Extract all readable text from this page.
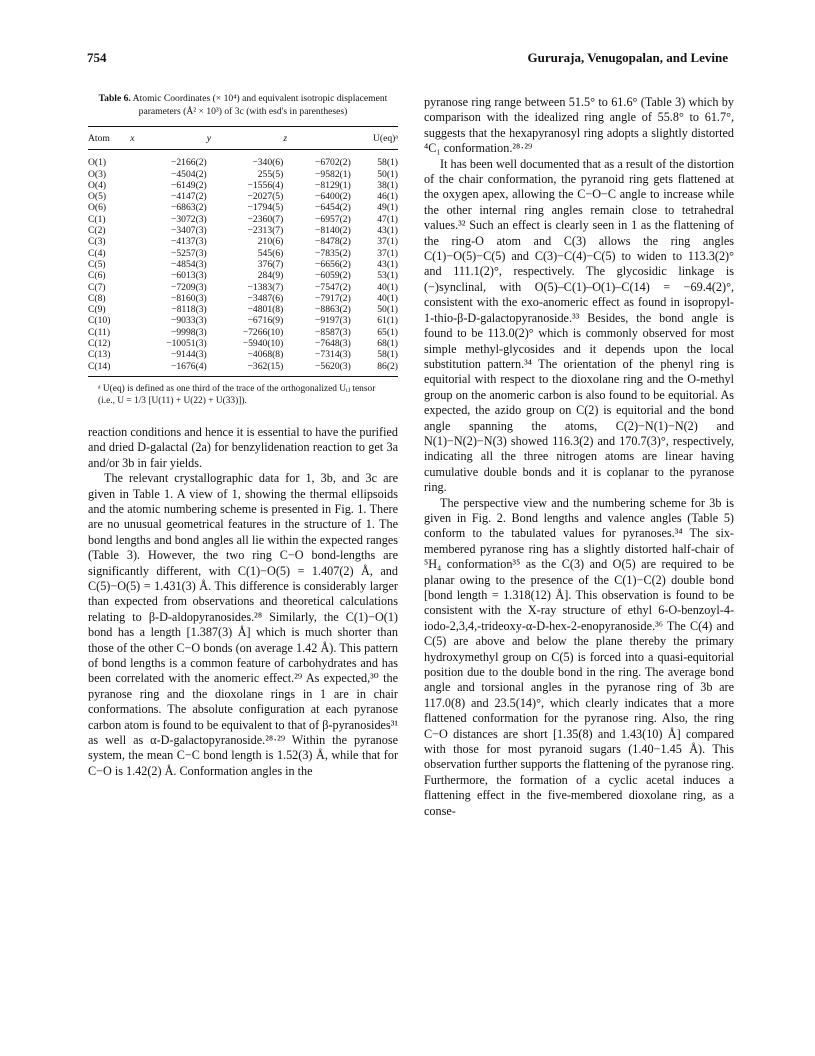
754	Gururaja, Venugopalan, and Levine
Table 6. Atomic Coordinates (× 10⁴) and equivalent isotropic displacement parameters (Å² × 10³) of 3c (with esd's in parentheses)
Atom	x	y	z	U(eq)ᵃ
O(1)	−2166(2)	−340(6)	−6702(2)	58(1)
O(3)	−4504(2)	255(5)	−9582(1)	50(1)
O(4)	−6149(2)	−1556(4)	−8129(1)	38(1)
O(5)	−4147(2)	−2027(5)	−6400(2)	46(1)
O(6)	−6863(2)	−1794(5)	−6454(2)	49(1)
C(1)	−3072(3)	−2360(7)	−6957(2)	47(1)
C(2)	−3407(3)	−2313(7)	−8140(2)	43(1)
C(3)	−4137(3)	210(6)	−8478(2)	37(1)
C(4)	−5257(3)	545(6)	−7835(2)	37(1)
C(5)	−4854(3)	376(7)	−6656(2)	43(1)
C(6)	−6013(3)	284(9)	−6059(2)	53(1)
C(7)	−7209(3)	−1383(7)	−7547(2)	40(1)
C(8)	−8160(3)	−3487(6)	−7917(2)	40(1)
C(9)	−8118(3)	−4801(8)	−8863(2)	50(1)
C(10)	−9033(3)	−6716(9)	−9197(3)	61(1)
C(11)	−9998(3)	−7266(10)	−8587(3)	65(1)
C(12)	−10051(3)	−5940(10)	−7648(3)	68(1)
C(13)	−9144(3)	−4068(8)	−7314(3)	58(1)
C(14)	−1676(4)	−362(15)	−5620(3)	86(2)
ᵃ U(eq) is defined as one third of the trace of the orthogonalized Uᵢⱼ tensor (i.e., U = 1/3 [U(11) + U(22) + U(33)]).

reaction conditions and hence it is essential to have the purified and dried D-galactal (2a) for benzylidenation reaction to get 3a and/or 3b in fair yields.

The relevant crystallographic data for 1, 3b, and 3c are given in Table 1. A view of 1, showing the thermal ellipsoids and the atomic numbering scheme is presented in Fig. 1. There are no unusual geometrical features in the structure of 1. The bond lengths and bond angles all lie within the expected ranges (Table 3). However, the two ring C−O bond-lengths are significantly different, with C(1)−O(5) = 1.407(2) Å, and C(5)−O(5) = 1.431(3) Å. This difference is considerably larger than expected from observations and theoretical calculations relating to β-D-aldopyranosides.²⁸ Similarly, the C(1)−O(1) bond has a length [1.387(3) Å] which is much shorter than those of the other C−O bonds (on average 1.42 Å). This pattern of bond lengths is a common feature of carbohydrates and has been correlated with the anomeric effect.²⁹ As expected,³⁰ the pyranose ring and the dioxolane rings in 1 are in chair conformations. The absolute configuration at each pyranose carbon atom is found to be equivalent to that of β-pyranosides³¹ as well as α-D-galactopyranoside.²⁸·²⁹ Within the pyranose system, the mean C−C bond length is 1.52(3) Å, while that for C−O is 1.42(2) Å. Conformation angles in the

pyranose ring range between 51.5° to 61.6° (Table 3) which by comparison with the idealized ring angle of 55.8° to 61.7°, suggests that the hexapyranosyl ring adopts a slightly distorted ⁴C₁ conformation.²⁸·²⁹

It has been well documented that as a result of the distortion of the chair conformation, the pyranoid ring gets flattened at the oxygen apex, allowing the C−O−C angle to increase while the other internal ring angles remain close to tetrahedral values.³² Such an effect is clearly seen in 1 as the flattening of the ring-O atom and C(3) allows the ring angles C(1)−O(5)−C(5) and C(3)−C(4)−C(5) to widen to 113.3(2)° and 111.1(2)°, respectively. The glycosidic linkage is (−)synclinal, with O(5)–C(1)–O(1)–C(14) = −69.4(2)°, consistent with the exo-anomeric effect as found in isopropyl-1-thio-β-D-galactopyranoside.³³ Besides, the bond angle is found to be 113.0(2)° which is commonly observed for most simple methyl-glycosides and it depends upon the local substitution pattern.³⁴ The orientation of the phenyl ring is equitorial with respect to the dioxolane ring and the O-methyl group on the anomeric carbon is also found to be equitorial. As expected, the azido group on C(2) is equitorial and the bond angle spanning the atoms, C(2)−N(1)−N(2) and N(1)−N(2)−N(3) showed 116.3(2) and 170.7(3)°, respectively, indicating all the three nitrogen atoms are linear having cumulative double bonds and it is coplanar to the pyranose ring.

The perspective view and the numbering scheme for 3b is given in Fig. 2. Bond lengths and valence angles (Table 5) conform to the tabulated values for pyranoses.³⁴ The six-membered pyranose ring has a slightly distorted half-chair of ⁵H₄ conformation³⁵ as the C(3) and O(5) are required to be planar owing to the presence of the C(1)−C(2) double bond [bond length = 1.318(12) Å]. This observation is found to be consistent with the X-ray structure of ethyl 6-O-benzoyl-4-iodo-2,3,4,-trideoxy-α-D-hex-2-enopyranoside.³⁶ The C(4) and C(5) are above and below the plane thereby the primary hydroxymethyl group on C(5) is forced into a quasi-equitorial position due to the double bond in the ring. The average bond angle and torsional angles in the pyranose ring of 3b are 117.0(8) and 23.5(14)°, which clearly indicates that a more flattened conformation for the pyranose ring. Also, the ring C−O distances are short [1.35(8) and 1.43(10) Å] compared with those for most pyranoid sugars (1.40−1.45 Å). This observation further supports the flattening of the pyranose ring. Furthermore, the formation of a cyclic acetal induces a flattening effect in the five-membered dioxolane ring, as a conse-
